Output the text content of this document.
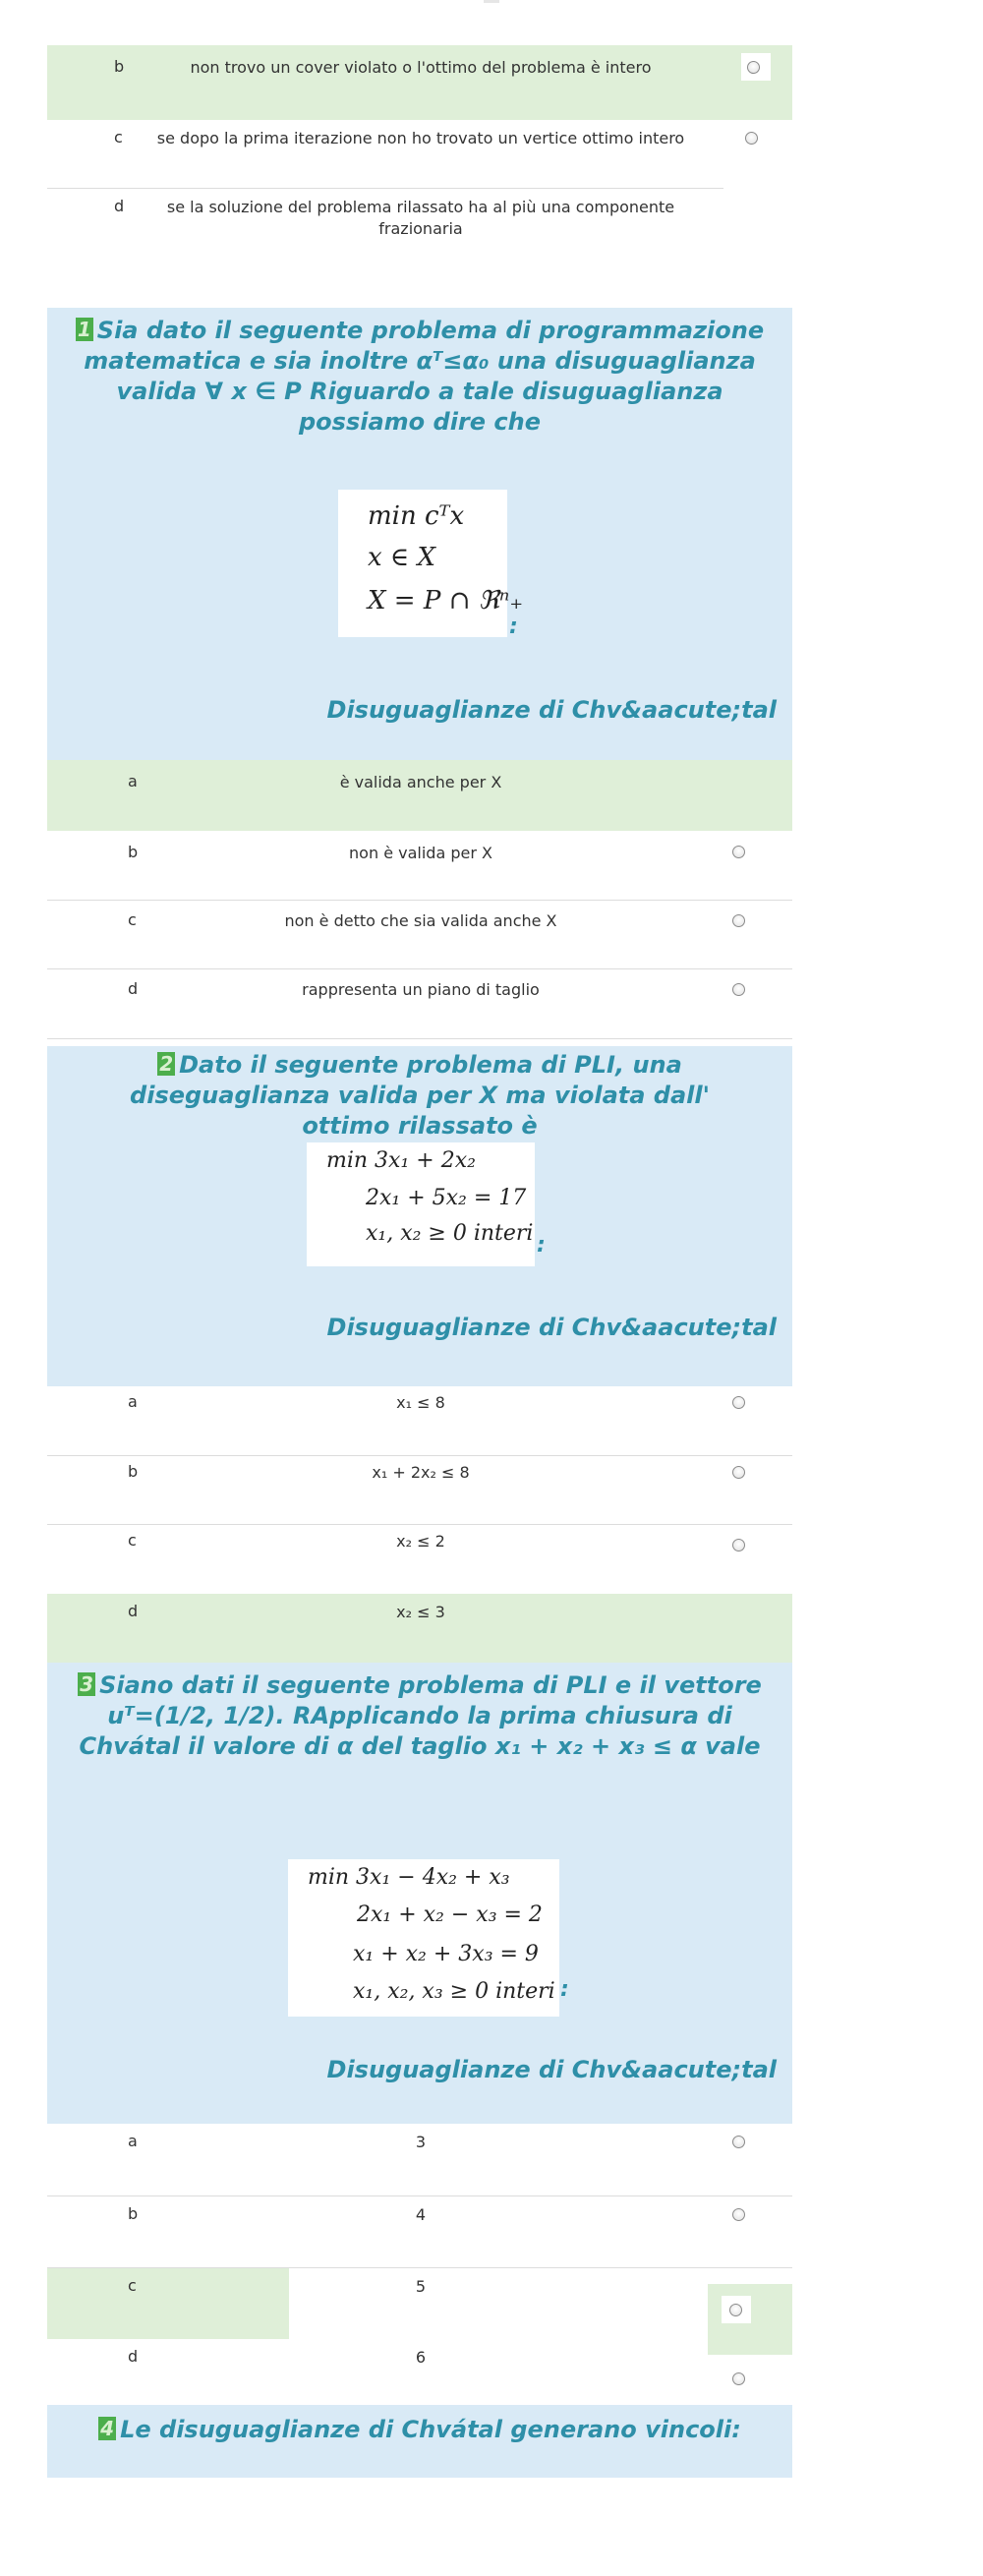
b	non trovo un cover violato o l'ottimo del problema è intero
c	se dopo la prima iterazione non ho trovato un vertice ottimo intero
d	se la soluzione del problema rilassato ha al più una componente frazionaria
1 Sia dato il seguente problema di programmazione matematica e sia inoltre αᵀ≤α₀ una disuguaglianza valida ∀ x ∈ P Riguardo a tale disuguaglianza possiamo dire che
min cᵀx
x ∈ X
X = P ∩ ℜⁿ₊
:
Disuguaglianze di Chv&aacute;tal
a	è valida anche per X
b	non è valida per X
c	non è detto che sia valida anche X
d	rappresenta un piano di taglio
2 Dato il seguente problema di PLI, una diseguaglianza valida per X ma violata dall' ottimo rilassato è
min 3x₁ + 2x₂
2x₁ + 5x₂ = 17
x₁, x₂ ≥ 0 interi :
Disuguaglianze di Chv&aacute;tal
a	x₁ ≤ 8
b	x₁ + 2x₂ ≤ 8
c	x₂ ≤ 2
d	x₂ ≤ 3
3 Siano dati il seguente problema di PLI e il vettore uᵀ=(1/2, 1/2). RApplicando la prima chiusura di Chvátal il valore di α del taglio x₁ + x₂ + x₃ ≤ α vale
min 3x₁ − 4x₂ + x₃
2x₁ + x₂ − x₃ = 2
x₁ + x₂ + 3x₃ = 9
x₁, x₂, x₃ ≥ 0 interi :
Disuguaglianze di Chv&aacute;tal
a	3
b	4
c	5
d	6
4 Le disuguaglianze di Chvátal generano vincoli:
